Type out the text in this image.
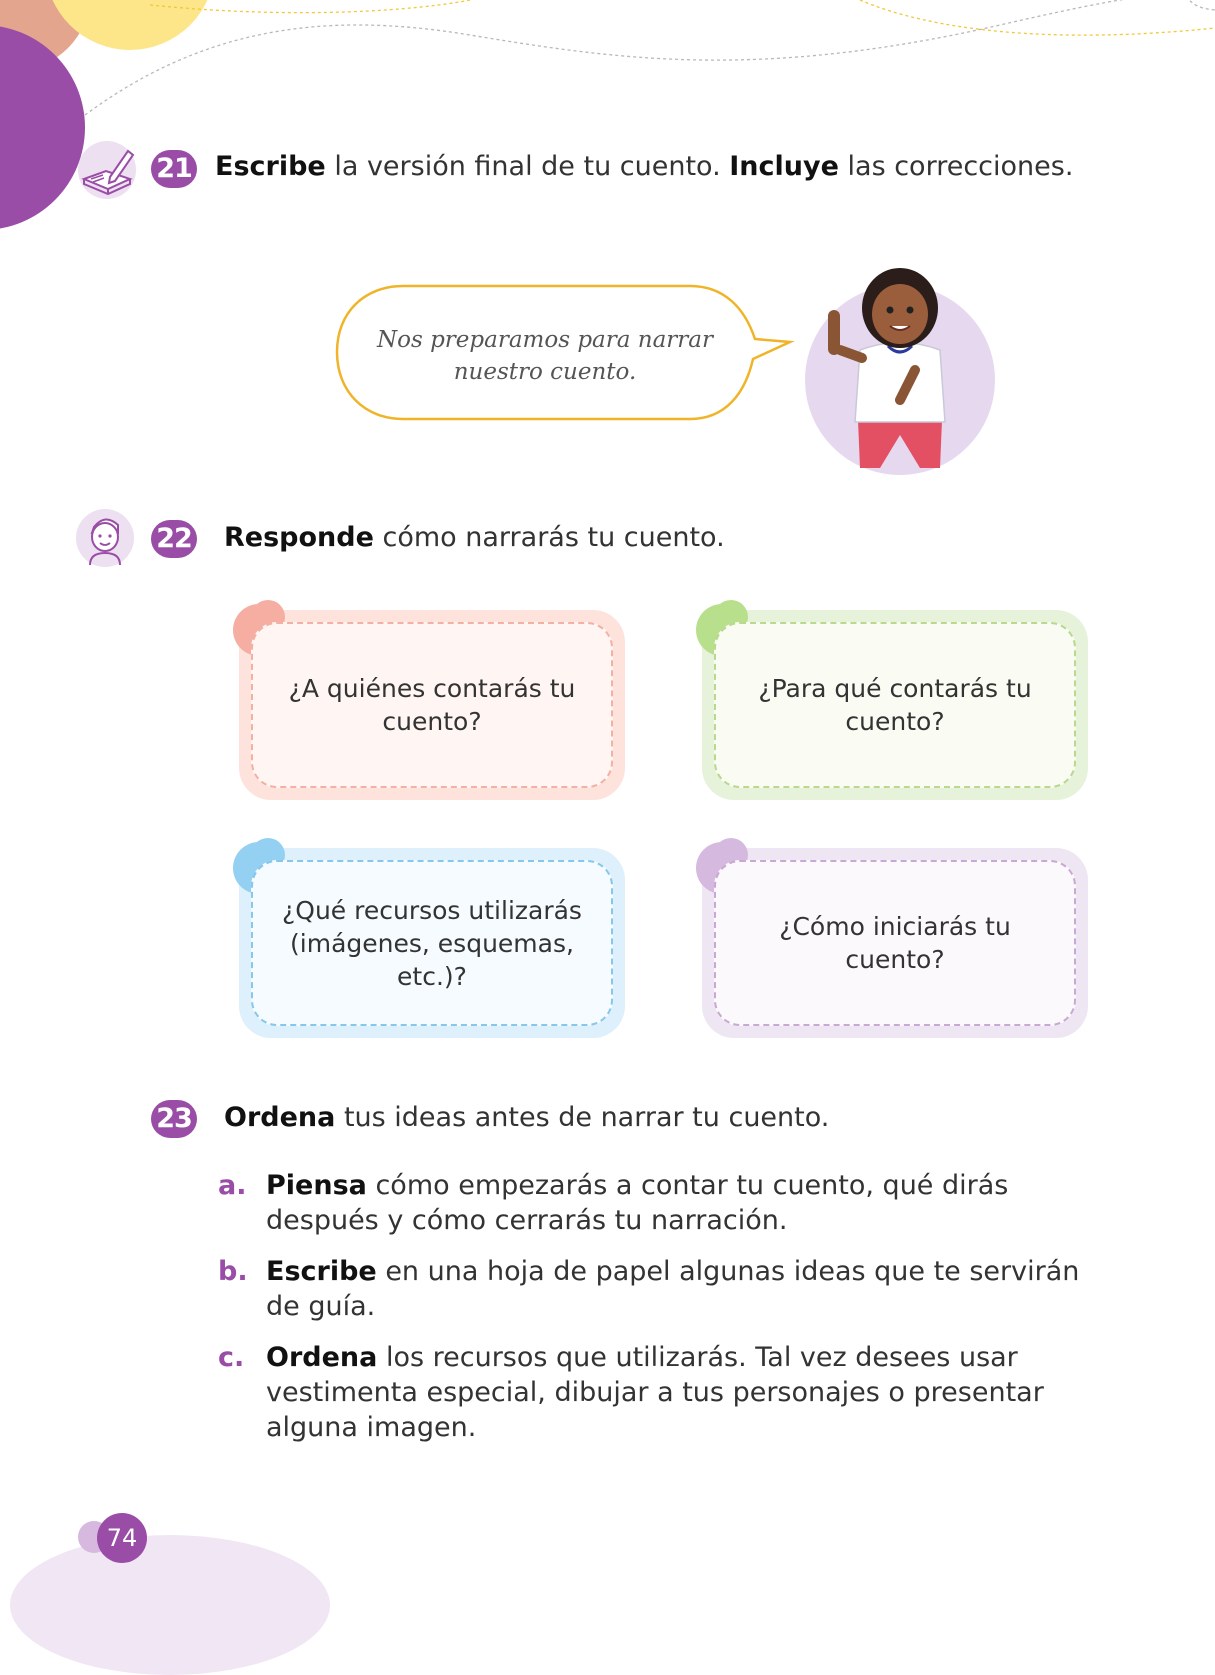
21 Escribe la versión final de tu cuento. Incluye las correcciones.
Nos preparamos para narrar
nuestro cuento.
22 Responde cómo narrarás tu cuento.
¿A quiénes contarás tu cuento?
¿Para qué contarás tu cuento?
¿Qué recursos utilizarás (imágenes, esquemas, etc.)?
¿Cómo iniciarás tu cuento?
23 Ordena tus ideas antes de narrar tu cuento.
a. Piensa cómo empezarás a contar tu cuento, qué dirás después y cómo cerrarás tu narración.
b. Escribe en una hoja de papel algunas ideas que te servirán de guía.
c. Ordena los recursos que utilizarás. Tal vez desees usar vestimenta especial, dibujar a tus personajes o presentar alguna imagen.
74
